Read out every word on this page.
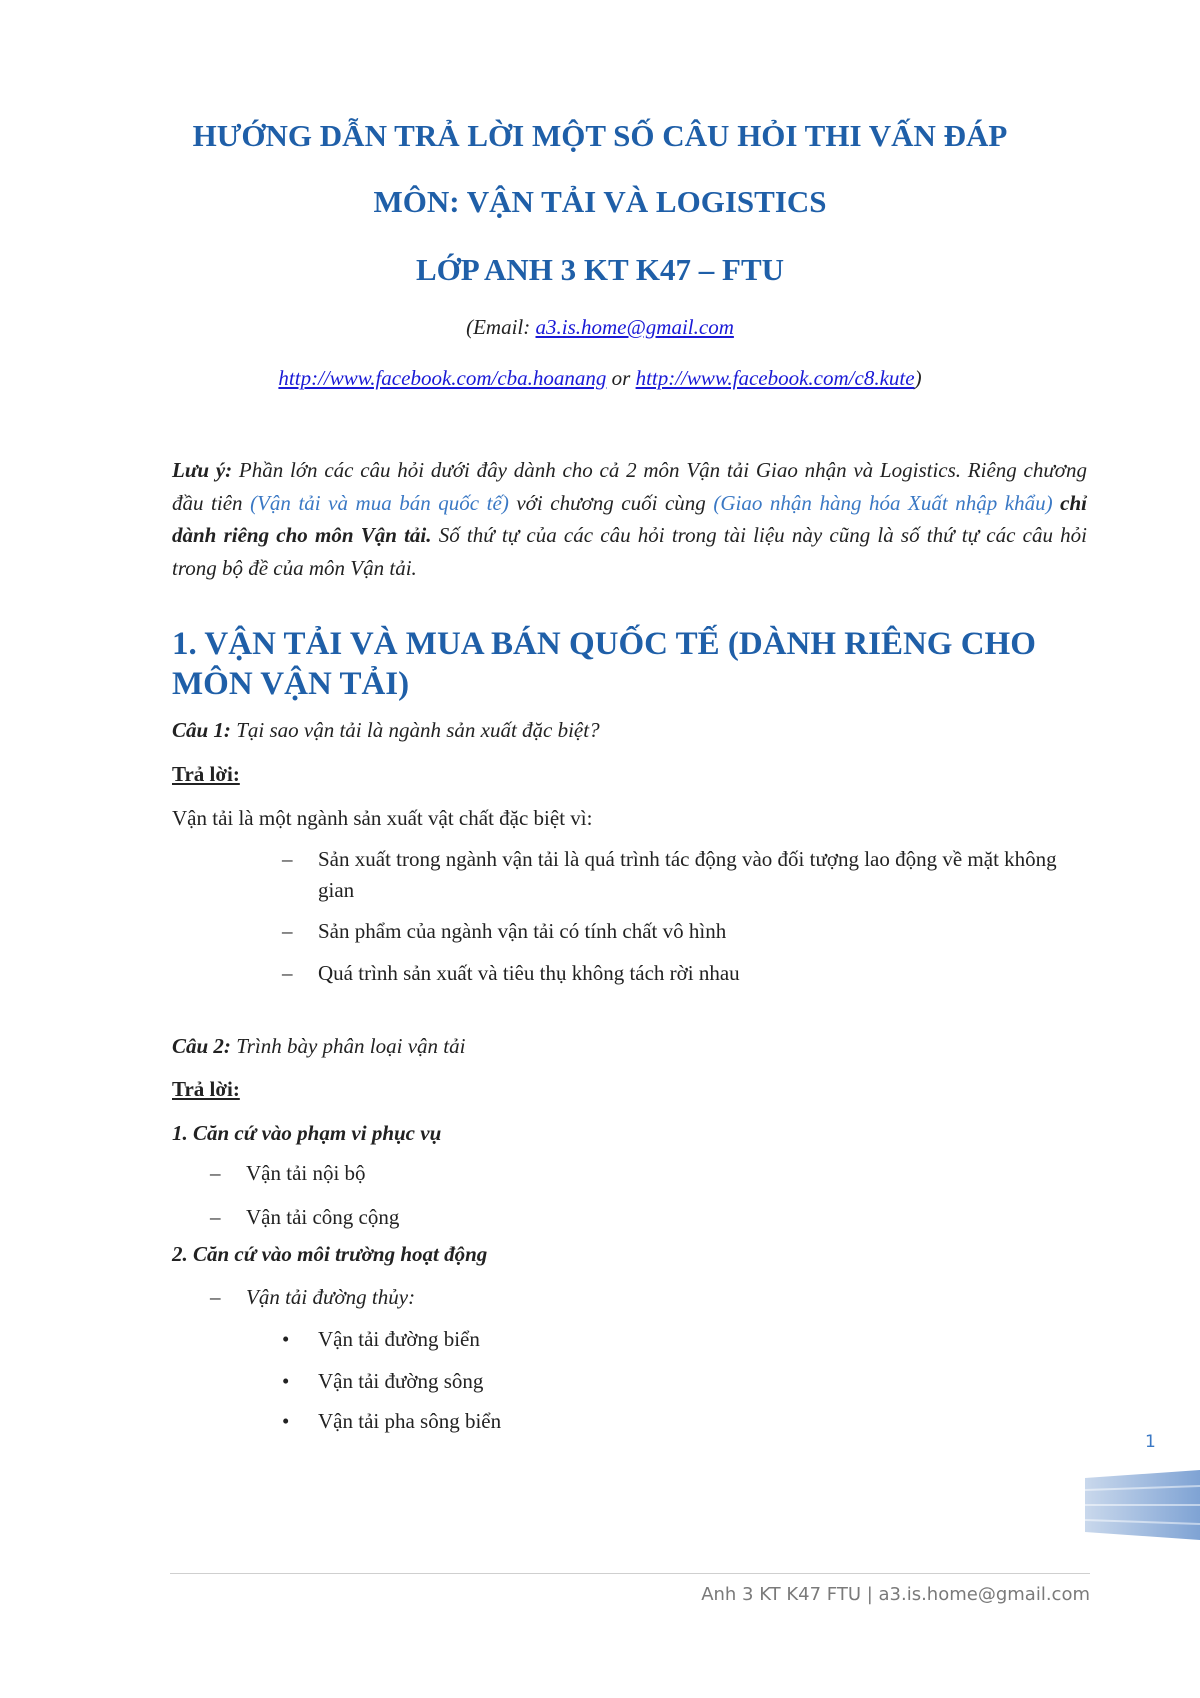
HƯỚNG DẪN TRẢ LỜI MỘT SỐ CÂU HỎI THI VẤN ĐÁP
MÔN: VẬN TẢI VÀ LOGISTICS
LỚP ANH 3 KT K47 – FTU

(Email: a3.is.home@gmail.com

http://www.facebook.com/cba.hoanang or http://www.facebook.com/c8.kute)

Lưu ý: Phần lớn các câu hỏi dưới đây dành cho cả 2 môn Vận tải Giao nhận và Logistics. Riêng chương đầu tiên (Vận tải và mua bán quốc tế) với chương cuối cùng (Giao nhận hàng hóa Xuất nhập khẩu) chỉ dành riêng cho môn Vận tải. Số thứ tự của các câu hỏi trong tài liệu này cũng là số thứ tự các câu hỏi trong bộ đề của môn Vận tải.

1. VẬN TẢI VÀ MUA BÁN QUỐC TẾ (DÀNH RIÊNG CHO
MÔN VẬN TẢI)

Câu 1: Tại sao vận tải là ngành sản xuất đặc biệt?

Trả lời:

Vận tải là một ngành sản xuất vật chất đặc biệt vì:

– Sản xuất trong ngành vận tải là quá trình tác động vào đối tượng lao động về mặt không gian

– Sản phẩm của ngành vận tải có tính chất vô hình

– Quá trình sản xuất và tiêu thụ không tách rời nhau

Câu 2: Trình bày phân loại vận tải

Trả lời:

1. Căn cứ vào phạm vi phục vụ

– Vận tải nội bộ

– Vận tải công cộng

2. Căn cứ vào môi trường hoạt động

– Vận tải đường thủy:

• Vận tải đường biển

• Vận tải đường sông

• Vận tải pha sông biển

1
Anh 3 KT K47 FTU | a3.is.home@gmail.com
